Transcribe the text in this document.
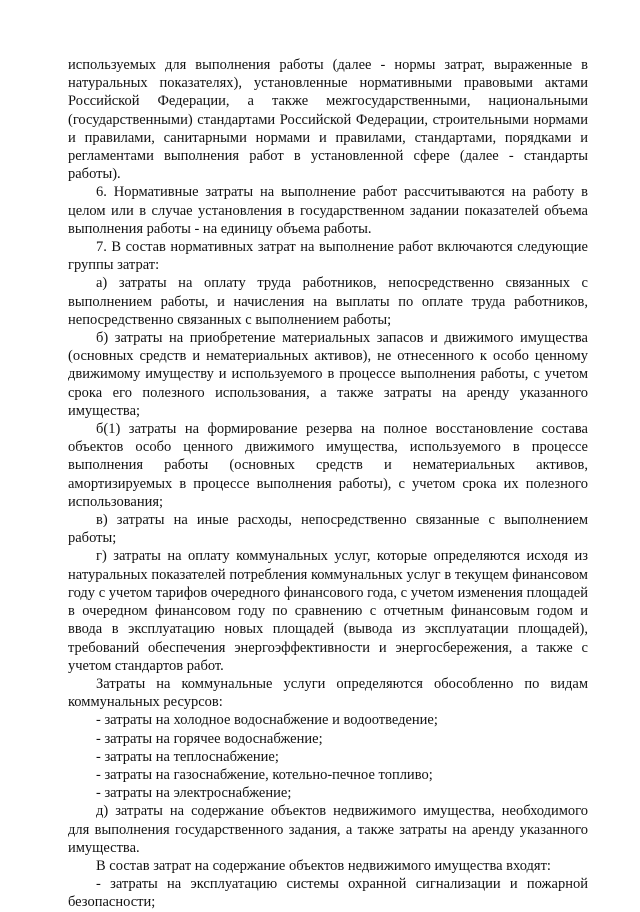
используемых для выполнения работы (далее - нормы затрат, выраженные в натуральных показателях), установленные нормативными правовыми актами Российской Федерации, а также межгосударственными, национальными (государственными) стандартами Российской Федерации, строительными нормами и правилами, санитарными нормами и правилами, стандартами, порядками и регламентами выполнения работ в установленной сфере (далее - стандарты работы).

6. Нормативные затраты на выполнение работ рассчитываются на работу в целом или в случае установления в государственном задании показателей объема выполнения работы - на единицу объема работы.

7. В состав нормативных затрат на выполнение работ включаются следующие группы затрат:

а) затраты на оплату труда работников, непосредственно связанных с выполнением работы, и начисления на выплаты по оплате труда работников, непосредственно связанных с выполнением работы;

б) затраты на приобретение материальных запасов и движимого имущества (основных средств и нематериальных активов), не отнесенного к особо ценному движимому имуществу и используемого в процессе выполнения работы, с учетом срока его полезного использования, а также затраты на аренду указанного имущества;

б(1) затраты на формирование резерва на полное восстановление состава объектов особо ценного движимого имущества, используемого в процессе выполнения работы (основных средств и нематериальных активов, амортизируемых в процессе выполнения работы), с учетом срока их полезного использования;

в) затраты на иные расходы, непосредственно связанные с выполнением работы;

г) затраты на оплату коммунальных услуг, которые определяются исходя из натуральных показателей потребления коммунальных услуг в текущем финансовом году с учетом тарифов очередного финансового года, с учетом изменения площадей в очередном финансовом году по сравнению с отчетным финансовым годом и ввода в эксплуатацию новых площадей (вывода из эксплуатации площадей), требований обеспечения энергоэффективности и энергосбережения, а также с учетом стандартов работ.

Затраты на коммунальные услуги определяются обособленно по видам коммунальных ресурсов:

- затраты на холодное водоснабжение и водоотведение;

- затраты на горячее водоснабжение;

- затраты на теплоснабжение;

- затраты на газоснабжение, котельно-печное топливо;

- затраты на электроснабжение;

д) затраты на содержание объектов недвижимого имущества, необходимого для выполнения государственного задания, а также затраты на аренду указанного имущества.

В состав затрат на содержание объектов недвижимого имущества входят:

- затраты на эксплуатацию системы охранной сигнализации и пожарной безопасности;
